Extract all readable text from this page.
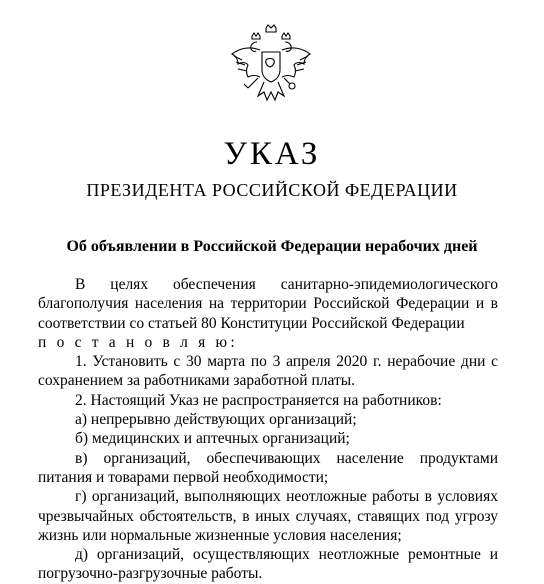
УКАЗ
ПРЕЗИДЕНТА РОССИЙСКОЙ ФЕДЕРАЦИИ
Об объявлении в Российской Федерации нерабочих дней

В целях обеспечения санитарно-эпидемиологического благополучия населения на территории Российской Федерации и в соответствии со статьей 80 Конституции Российской Федерации

п о с т а н о в л я ю:

1. Установить с 30 марта по 3 апреля 2020 г. нерабочие дни с сохранением за работниками заработной платы.

2. Настоящий Указ не распространяется на работников:

а) непрерывно действующих организаций;

б) медицинских и аптечных организаций;

в) организаций, обеспечивающих население продуктами питания и товарами первой необходимости;

г) организаций, выполняющих неотложные работы в условиях чрезвычайных обстоятельств, в иных случаях, ставящих под угрозу жизнь или нормальные жизненные условия населения;

д) организаций, осуществляющих неотложные ремонтные и погрузочно-разгрузочные работы.
